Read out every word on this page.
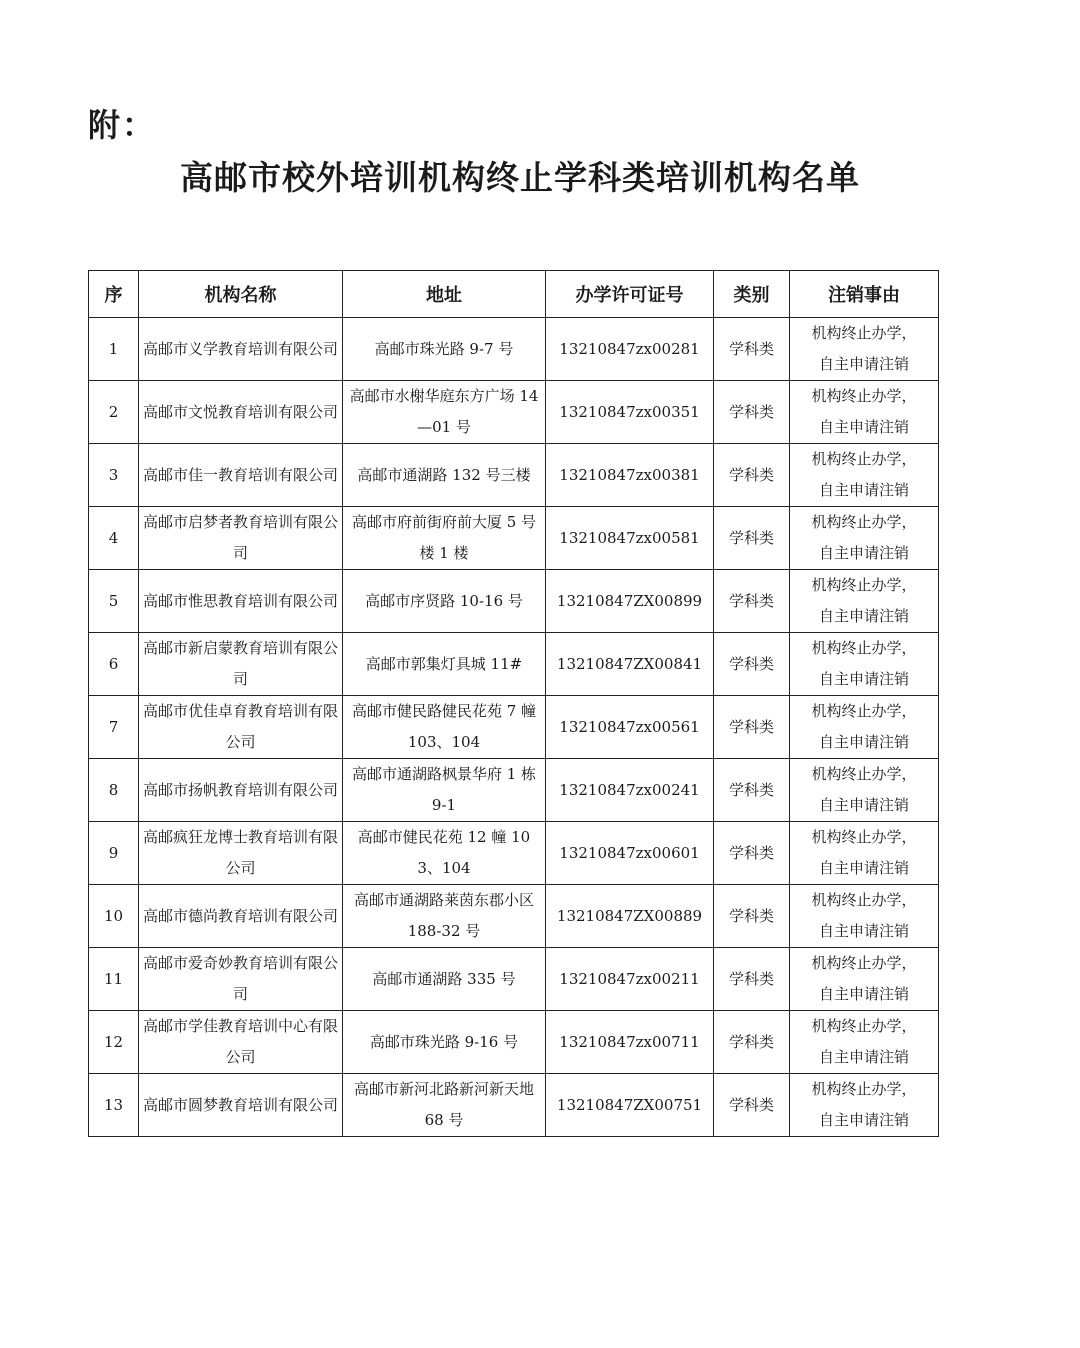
附：
高邮市校外培训机构终止学科类培训机构名单
序	机构名称	地址	办学许可证号	类别	注销事由
1	高邮市义学教育培训有限公司	高邮市珠光路 9-7 号	13210847zx00281	学科类	机构终止办学，
自主申请注销

2	高邮市文悦教育培训有限公司	高邮市水榭华庭东方广场 14—01 号	13210847zx00351	学科类	机构终止办学，
自主申请注销

3	高邮市佳一教育培训有限公司	高邮市通湖路 132 号三楼	13210847zx00381	学科类	机构终止办学，
自主申请注销

4	高邮市启梦者教育培训有限公司	高邮市府前街府前大厦 5 号楼 1 楼	13210847zx00581	学科类	机构终止办学，
自主申请注销

5	高邮市惟思教育培训有限公司	高邮市序贤路 10-16 号	13210847ZX00899	学科类	机构终止办学，
自主申请注销

6	高邮市新启蒙教育培训有限公司	高邮市郭集灯具城 11#	13210847ZX00841	学科类	机构终止办学，
自主申请注销

7	高邮市优佳卓育教育培训有限公司	高邮市健民路健民花苑 7 幢 103、104	13210847zx00561	学科类	机构终止办学，
自主申请注销

8	高邮市扬帆教育培训有限公司	高邮市通湖路枫景华府 1 栋 9-1	13210847zx00241	学科类	机构终止办学，
自主申请注销

9	高邮疯狂龙博士教育培训有限公司	高邮市健民花苑 12 幢 103、104	13210847zx00601	学科类	机构终止办学，
自主申请注销

10	高邮市德尚教育培训有限公司	高邮市通湖路莱茵东郡小区 188-32 号	13210847ZX00889	学科类	机构终止办学，
自主申请注销

11	高邮市爱奇妙教育培训有限公司	高邮市通湖路 335 号	13210847zx00211	学科类	机构终止办学，
自主申请注销

12	高邮市学佳教育培训中心有限公司	高邮市珠光路 9-16 号	13210847zx00711	学科类	机构终止办学，
自主申请注销

13	高邮市圆梦教育培训有限公司	高邮市新河北路新河新天地 68 号	13210847ZX00751	学科类	机构终止办学，
自主申请注销
